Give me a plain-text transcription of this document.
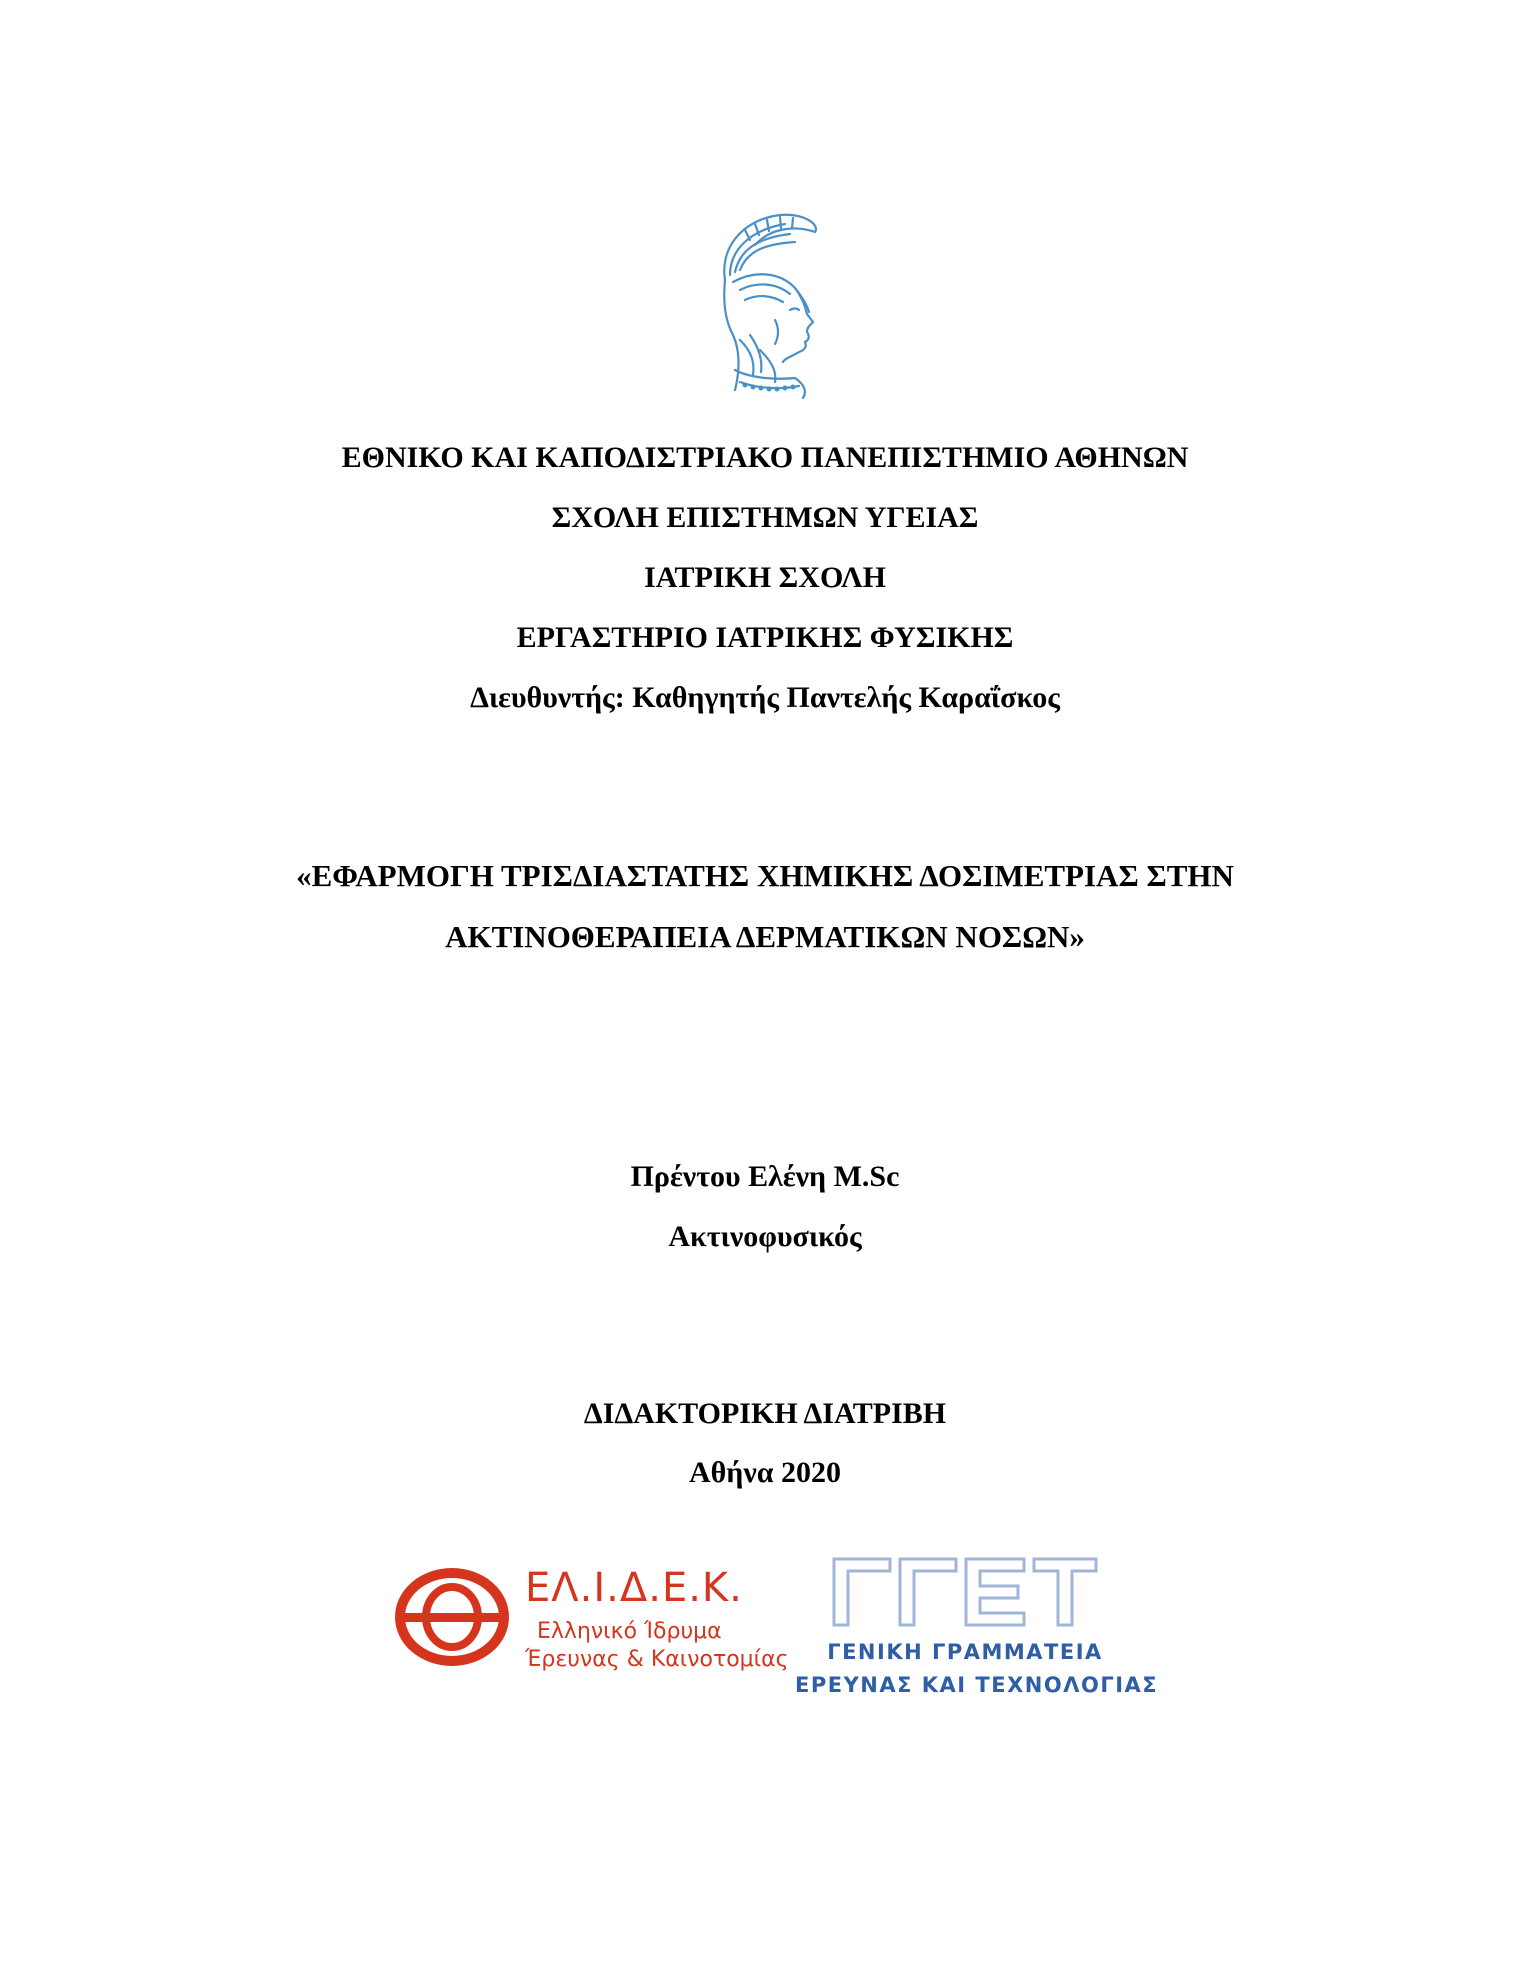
ΕΘΝΙΚΟ ΚΑΙ ΚΑΠΟΔΙΣΤΡΙΑΚΟ ΠΑΝΕΠΙΣΤΗΜΙΟ ΑΘΗΝΩΝ
ΣΧΟΛΗ ΕΠΙΣΤΗΜΩΝ ΥΓΕΙΑΣ
ΙΑΤΡΙΚΗ ΣΧΟΛΗ
ΕΡΓΑΣΤΗΡΙΟ ΙΑΤΡΙΚΗΣ ΦΥΣΙΚΗΣ
Διευθυντής: Καθηγητής Παντελής Καραΐσκος
«ΕΦΑΡΜΟΓΗ ΤΡΙΣΔΙΑΣΤΑΤΗΣ ΧΗΜΙΚΗΣ ΔΟΣΙΜΕΤΡΙΑΣ ΣΤΗΝ
ΑΚΤΙΝΟΘΕΡΑΠΕΙΑ ΔΕΡΜΑΤΙΚΩΝ ΝΟΣΩΝ»
Πρέντου Ελένη M.Sc
Ακτινοφυσικός
ΔΙΔΑΚΤΟΡΙΚΗ ΔΙΑΤΡΙΒΗ
Αθήνα 2020
ΕΛ.Ι.Δ.Ε.Κ.
Ελληνικό Ίδρυμα
Έρευνας & Καινοτομίας	ΓΕΝΙΚΗ ΓΡΑΜΜΑΤΕΙΑ
ΕΡΕΥΝΑΣ ΚΑΙ ΤΕΧΝΟΛΟΓΙΑΣ
